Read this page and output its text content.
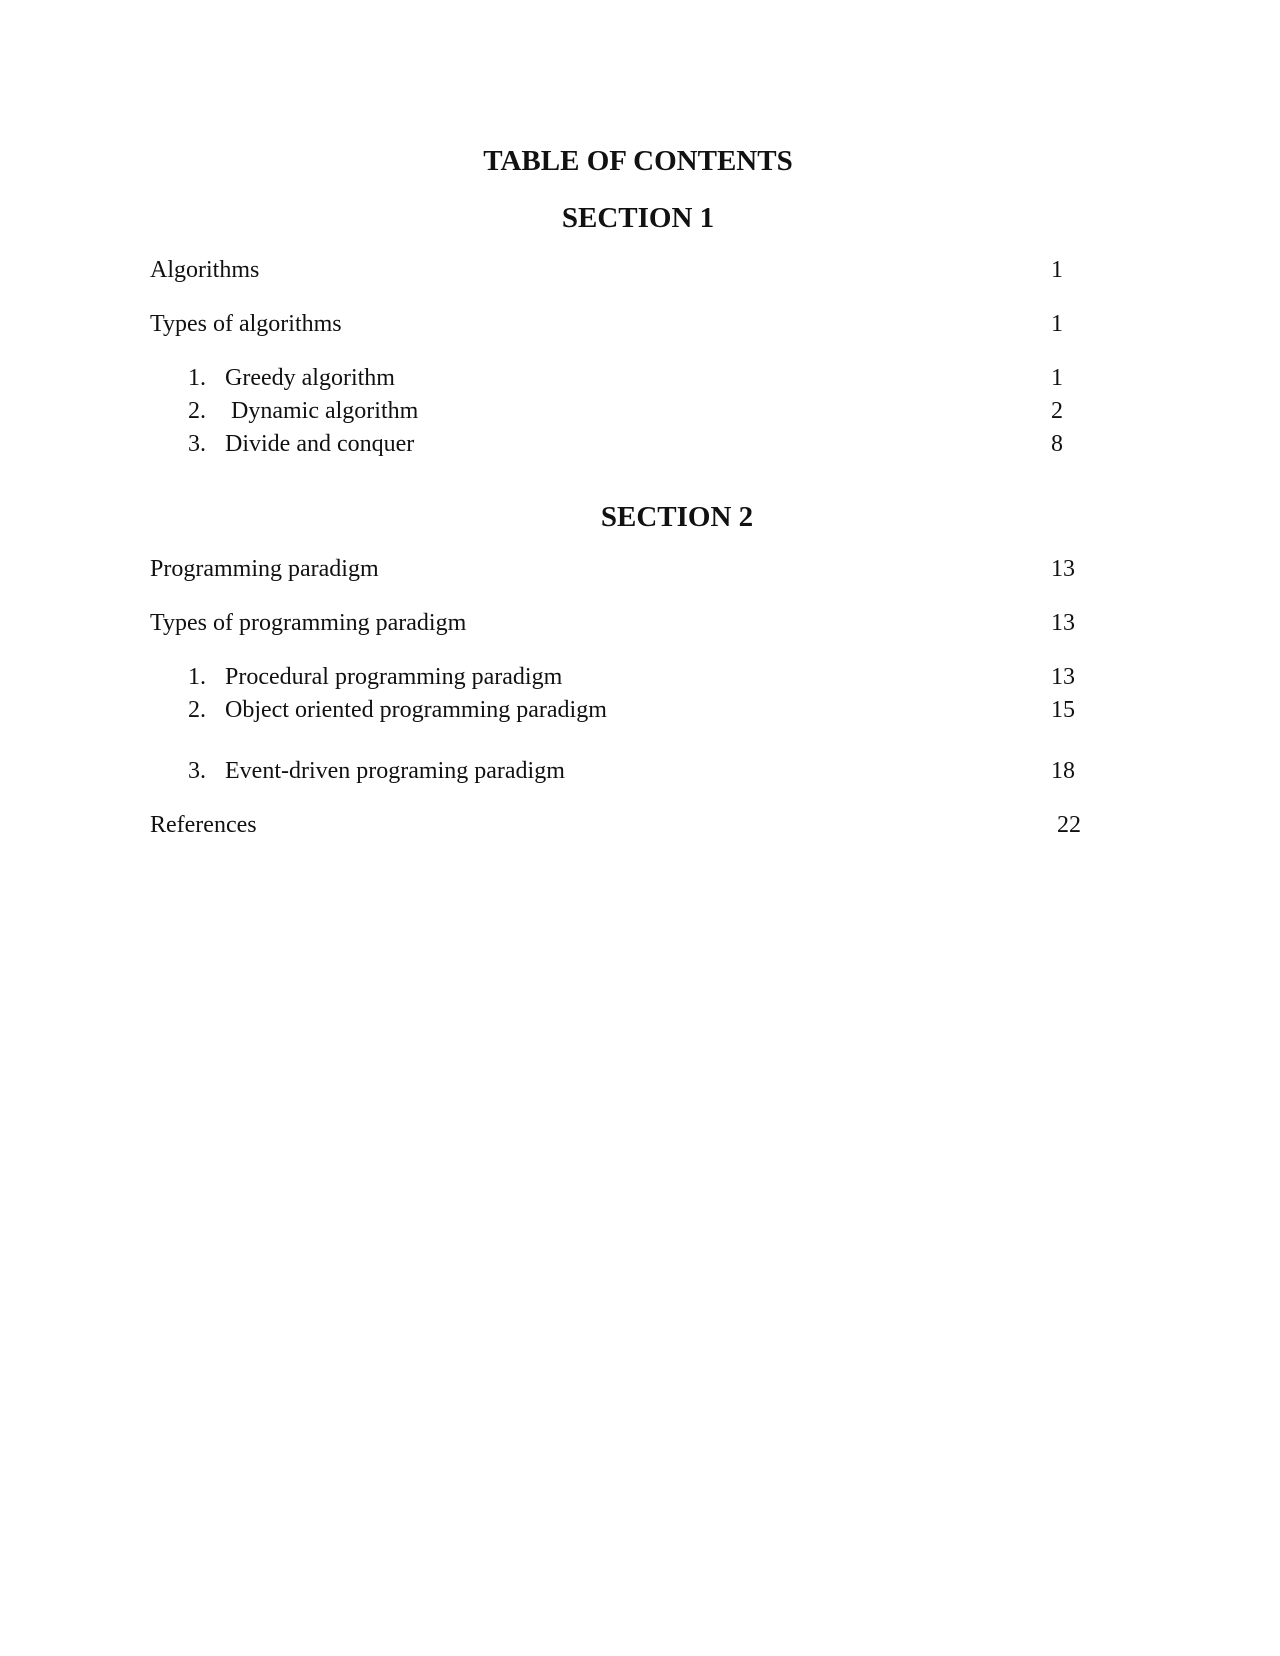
TABLE OF CONTENTS
SECTION 1
Algorithms	1
Types of algorithms	1
1. Greedy algorithm	1
2. Dynamic algorithm	2
3. Divide and conquer	8
SECTION 2
Programming paradigm	13
Types of programming paradigm	13
1. Procedural programming paradigm	13
2. Object oriented programming paradigm	15
3. Event-driven programing paradigm	18
References	22
